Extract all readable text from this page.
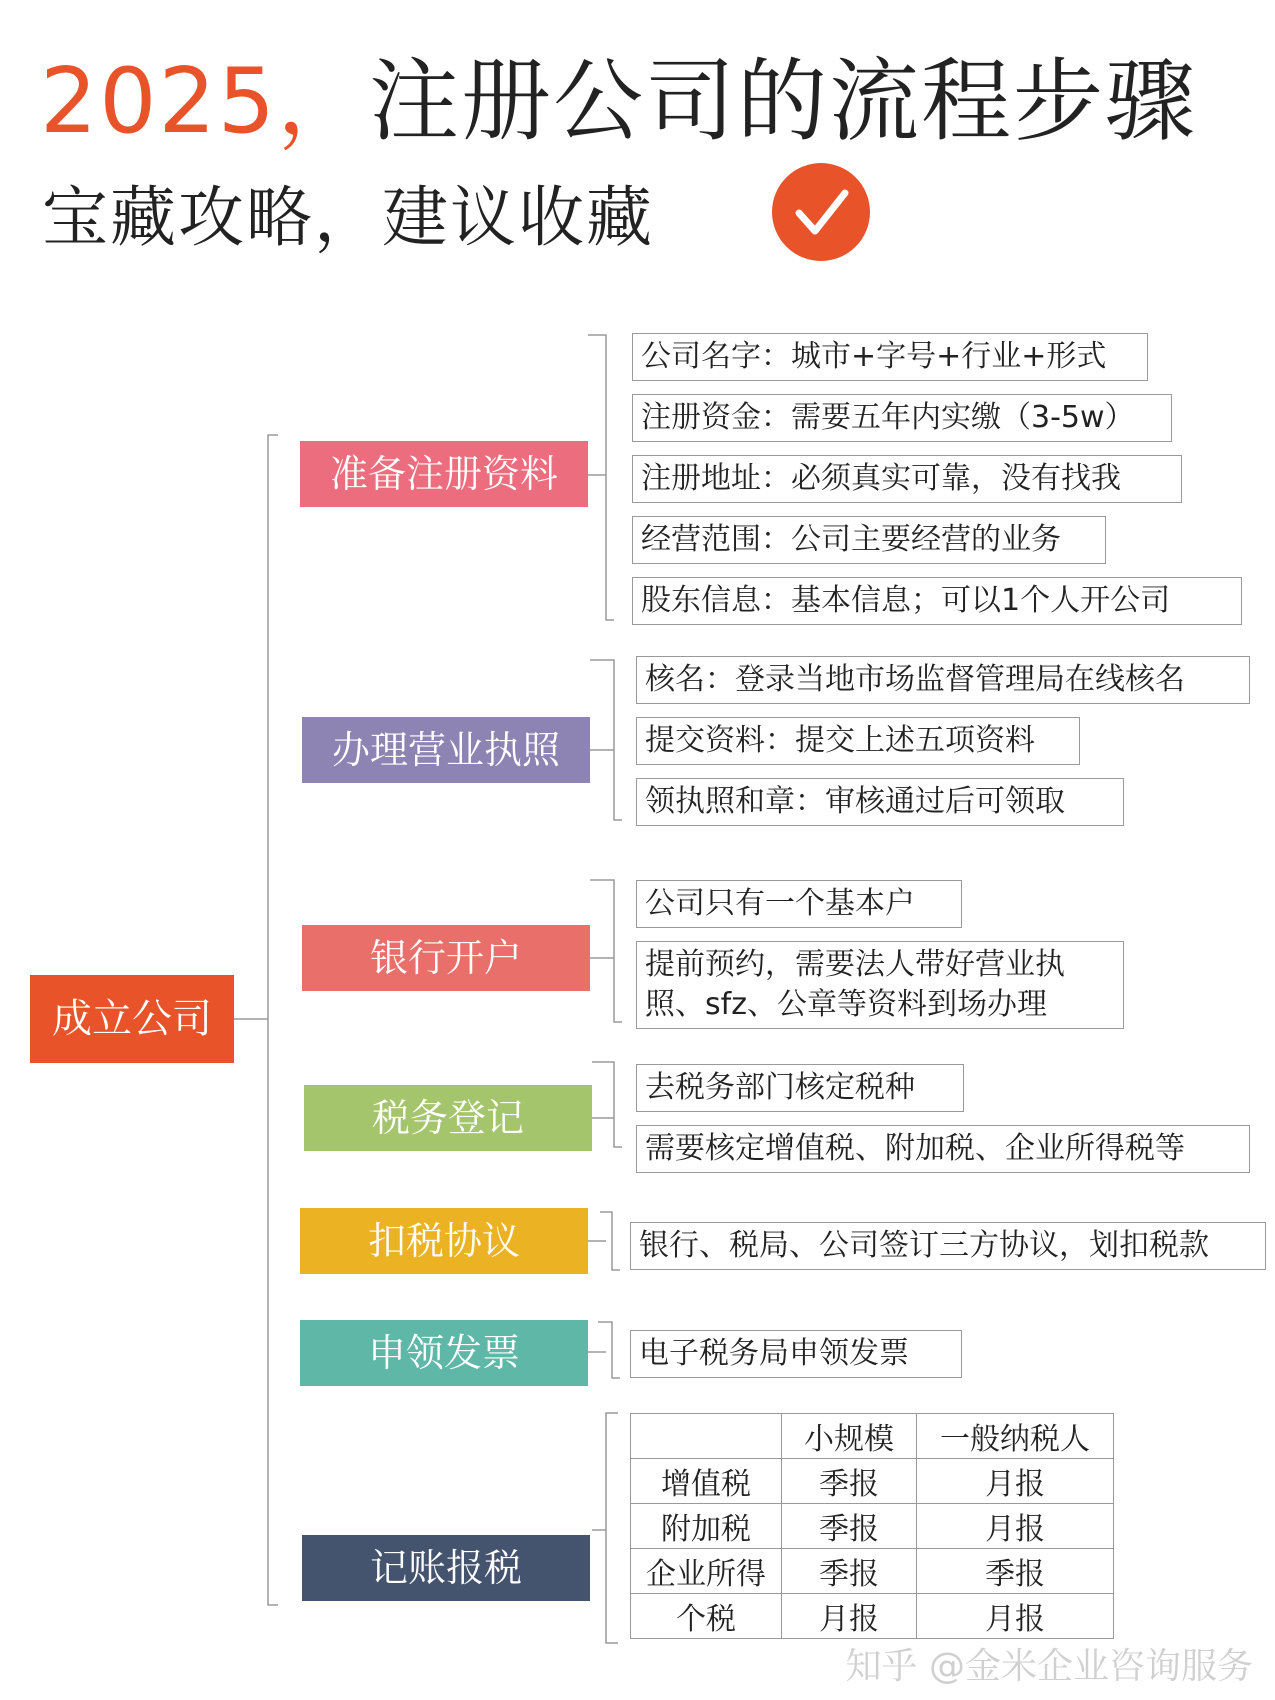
2025，注册公司的流程步骤
宝藏攻略，建议收藏
成立公司
准备注册资料
办理营业执照
银行开户
税务登记
扣税协议
申领发票
记账报税
公司名字：城市+字号+行业+形式
注册资金：需要五年内实缴（3-5w）
注册地址：必须真实可靠，没有找我
经营范围：公司主要经营的业务
股东信息：基本信息；可以1个人开公司
核名：登录当地市场监督管理局在线核名
提交资料：提交上述五项资料
领执照和章：审核通过后可领取
公司只有一个基本户
提前预约，需要法人带好营业执照、sfz、公章等资料到场办理
去税务部门核定税种
需要核定增值税、附加税、企业所得税等
银行、税局、公司签订三方协议，划扣税款
电子税务局申领发票
	小规模	一般纳税人
增值税	季报	月报
附加税	季报	月报
企业所得	季报	季报
个税	月报	月报
知乎 @金米企业咨询服务
